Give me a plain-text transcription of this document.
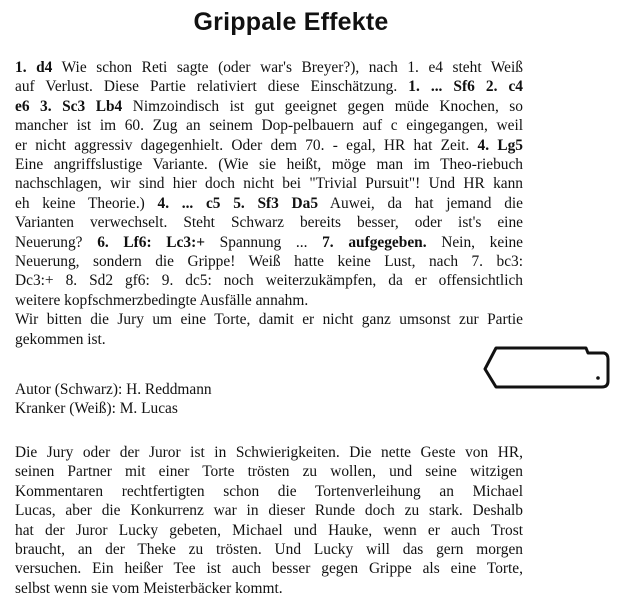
Grippale Effekte
1. d4 Wie schon Reti sagte (oder war's Breyer?), nach 1. e4 steht Weiß
auf Verlust. Diese Partie relativiert diese Einschätzung. 1. ... Sf6 2. c4
e6 3. Sc3 Lb4 Nimzoindisch ist gut geeignet gegen müde Knochen, so
mancher ist im 60. Zug an seinem Dop-pelbauern auf c eingegangen, weil
er nicht aggressiv dagegenhielt. Oder dem 70. - egal, HR hat Zeit. 4. Lg5
Eine angriffslustige Variante. (Wie sie heißt, möge man im Theo-riebuch
nachschlagen, wir sind hier doch nicht bei "Trivial Pursuit"! Und HR kann
eh keine Theorie.) 4. ... c5 5. Sf3 Da5 Auwei, da hat jemand die
Varianten verwechselt. Steht Schwarz bereits besser, oder ist's eine
Neuerung? 6. Lf6: Lc3:+ Spannung ... 7. aufgegeben. Nein, keine
Neuerung, sondern die Grippe! Weiß hatte keine Lust, nach 7. bc3:
Dc3:+ 8. Sd2 gf6: 9. dc5: noch weiterzukämpfen, da er offensichtlich
weitere kopfschmerzbedingte Ausfälle annahm.
Wir bitten die Jury um eine Torte, damit er nicht ganz umsonst zur Partie
gekommen ist.
Autor (Schwarz): H. Reddmann
Kranker (Weiß): M. Lucas
Die Jury oder der Juror ist in Schwierigkeiten. Die nette Geste von HR,
seinen Partner mit einer Torte trösten zu wollen, und seine witzigen
Kommentaren rechtfertigten schon die Tortenverleihung an Michael
Lucas, aber die Konkurrenz war in dieser Runde doch zu stark. Deshalb
hat der Juror Lucky gebeten, Michael und Hauke, wenn er auch Trost
braucht, an der Theke zu trösten. Und Lucky will das gern morgen
versuchen. Ein heißer Tee ist auch besser gegen Grippe als eine Torte,
selbst wenn sie vom Meisterbäcker kommt.
